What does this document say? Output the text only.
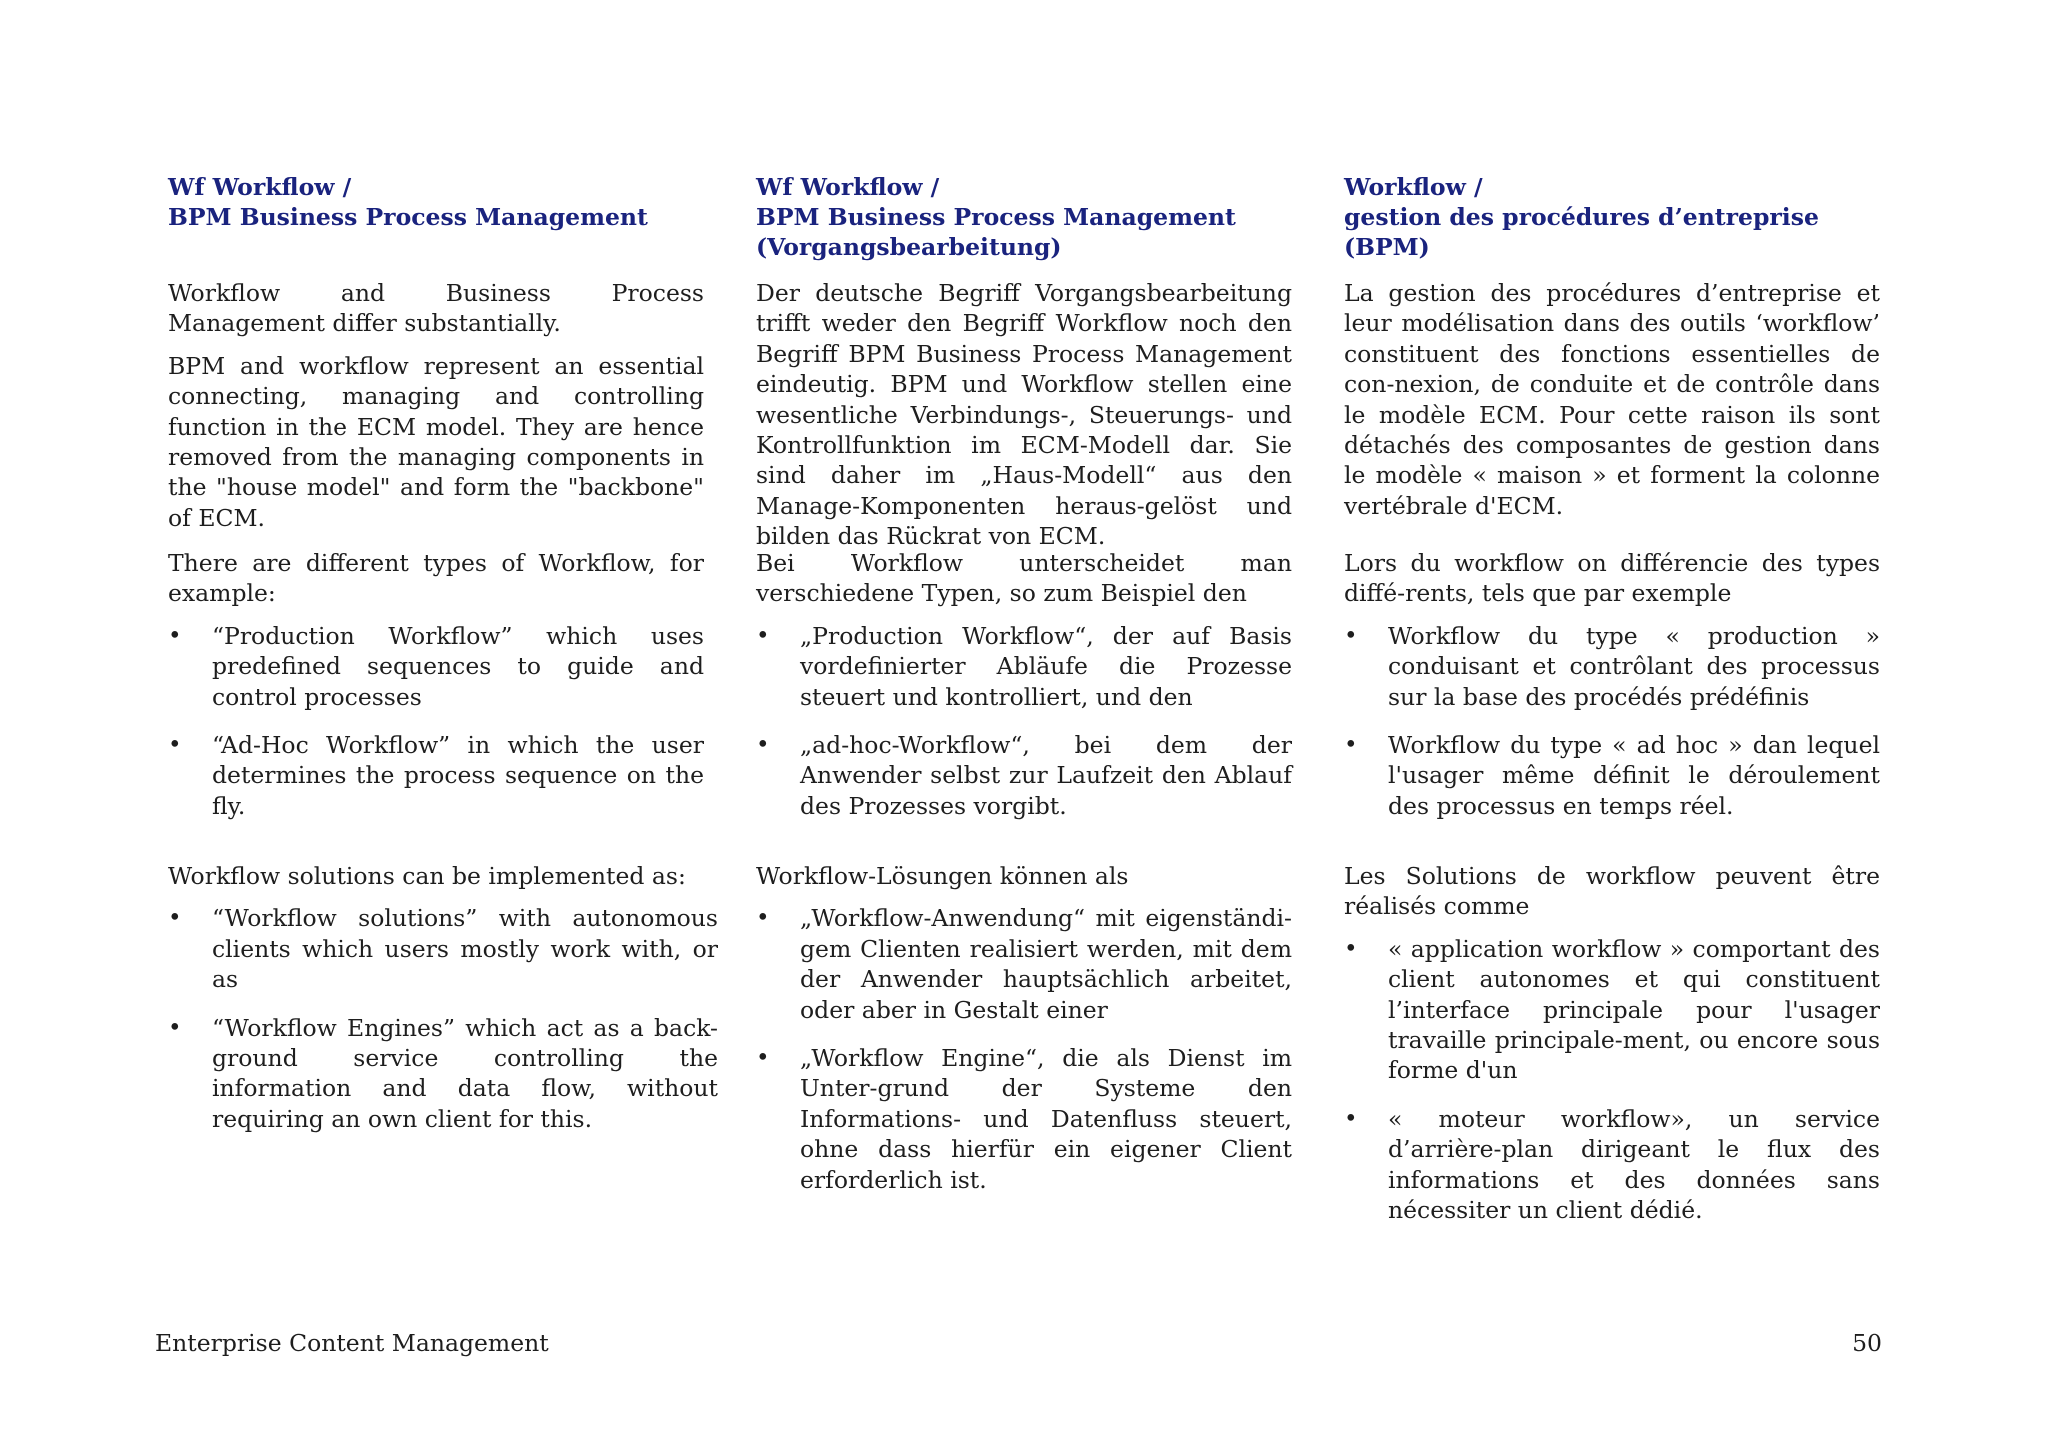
Wf Workflow /
BPM Business Process Management

Workflow and Business Process Management differ substantially.

BPM and workflow represent an essential connecting, managing and controlling function in the ECM model. They are hence removed from the managing components in the "house model" and form the "backbone" of ECM.

There are different types of Workflow, for example:

• “Production Workflow” which uses predefined sequences to guide and control processes
• “Ad-Hoc Workflow” in which the user determines the process sequence on the fly.

Workflow solutions can be implemented as:

• “Workflow solutions” with autonomous clients which users mostly work with, or as
• “Workflow Engines” which act as a back-ground service controlling the information and data flow, without requiring an own client for this.
Wf Workflow /
BPM Business Process Management
(Vorgangsbearbeitung)

Der deutsche Begriff Vorgangsbearbeitung trifft weder den Begriff Workflow noch den Begriff BPM Business Process Management eindeutig. BPM und Workflow stellen eine wesentliche Verbindungs-, Steuerungs- und Kontrollfunktion im ECM-Modell dar. Sie sind daher im „Haus-Modell“ aus den Manage-Komponenten heraus-gelöst und bilden das Rückrat von ECM.

Bei Workflow unterscheidet man verschiedene Typen, so zum Beispiel den

• „Production Workflow“, der auf Basis vordefinierter Abläufe die Prozesse steuert und kontrolliert, und den
• „ad-hoc-Workflow“, bei dem der Anwender selbst zur Laufzeit den Ablauf des Prozesses vorgibt.

Workflow-Lösungen können als

• „Workflow-Anwendung“ mit eigenständi-gem Clienten realisiert werden, mit dem der Anwender hauptsächlich arbeitet, oder aber in Gestalt einer
• „Workflow Engine“, die als Dienst im Unter-grund der Systeme den Informations- und Datenfluss steuert, ohne dass hierfür ein eigener Client erforderlich ist.
Workflow /
gestion des procédures d’entreprise (BPM)

La gestion des procédures d’entreprise et leur modélisation dans des outils ‘workflow’ constituent des fonctions essentielles de con-nexion, de conduite et de contrôle dans le modèle ECM. Pour cette raison ils sont détachés des composantes de gestion dans le modèle « maison » et forment la colonne vertébrale d'ECM.

Lors du workflow on différencie des types diffé-rents, tels que par exemple

• Workflow du type « production » conduisant et contrôlant des processus sur la base des procédés prédéfinis
• Workflow du type « ad hoc » dan lequel l'usager même définit le déroulement des processus en temps réel.

Les Solutions de workflow peuvent être réalisés comme

• « application workflow » comportant des client autonomes et qui constituent l’interface principale pour l'usager travaille principale-ment, ou encore sous forme d'un
• « moteur workflow», un service d’arrière-plan dirigeant le flux des informations et des données sans nécessiter un client dédié.
Enterprise Content Management	50
